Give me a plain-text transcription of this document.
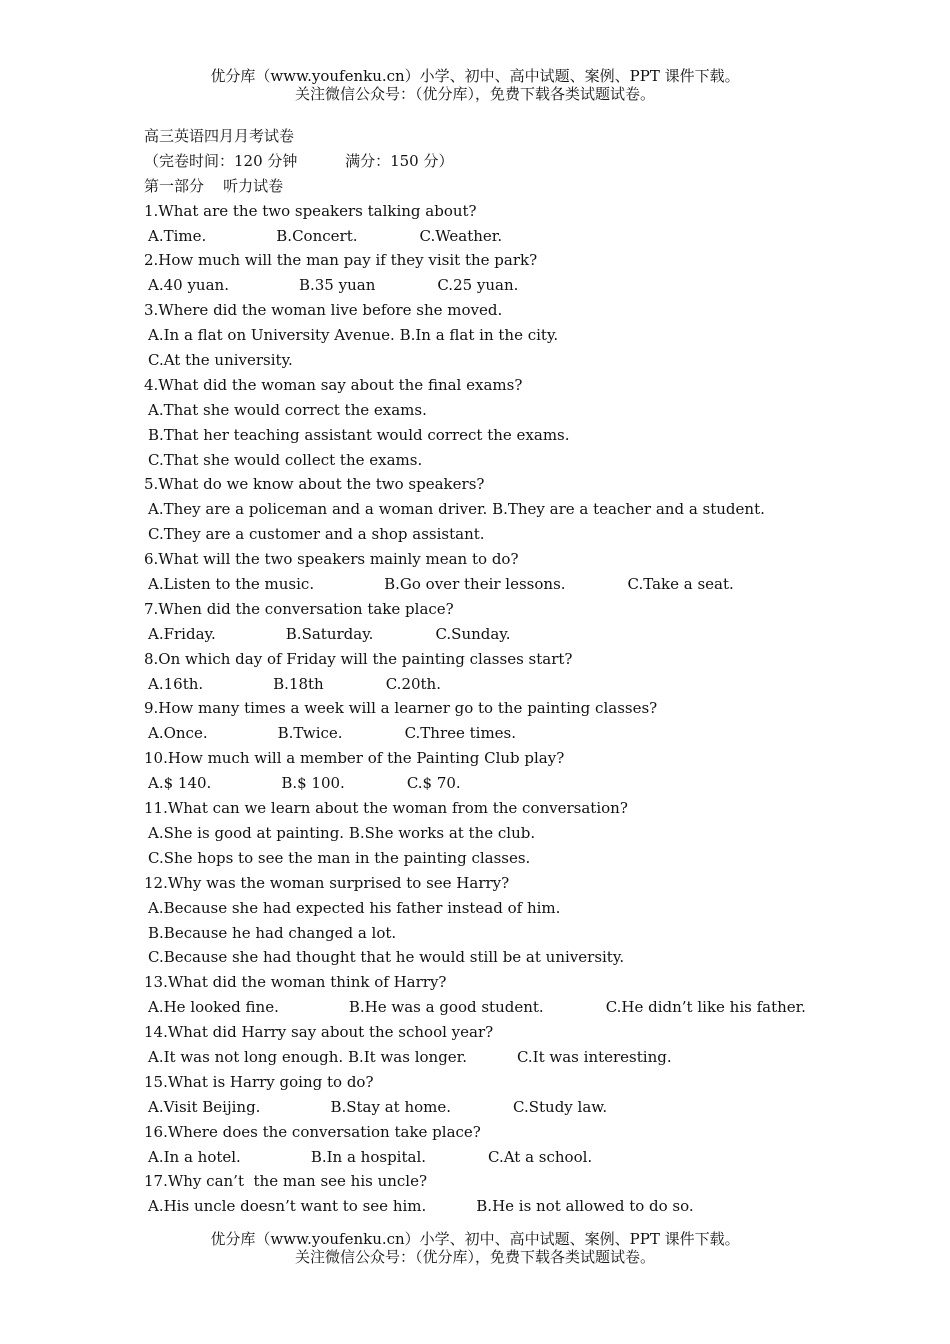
优分库（www.youfenku.cn）小学、初中、高中试题、案例、PPT 课件下载。
关注微信公众号：（优分库），免费下载各类试题试卷。
高三英语四月月考试卷
（完卷时间：120 分钟          满分：150 分）
第一部分    听力试卷
1.What are the two speakers talking about?
A.Time.	B.Concert.	C.Weather.
2.How much will the man pay if they visit the park?
A.40 yuan.	B.35 yuan	C.25 yuan.
3.Where did the woman live before she moved.
A.In a flat on University Avenue. B.In a flat in the city.
C.At the university.
4.What did the woman say about the final exams?
A.That she would correct the exams.
B.That her teaching assistant would correct the exams.
C.That she would collect the exams.
5.What do we know about the two speakers?
A.They are a policeman and a woman driver. B.They are a teacher and a student.
C.They are a customer and a shop assistant.
6.What will the two speakers mainly mean to do?
A.Listen to the music.	B.Go over their lessons.	C.Take a seat.
7.When did the conversation take place?
A.Friday.	B.Saturday.	C.Sunday.
8.On which day of Friday will the painting classes start?
A.16th.	B.18th	C.20th.
9.How many times a week will a learner go to the painting classes?
A.Once.	B.Twice.	C.Three times.
10.How much will a member of the Painting Club play?
A.$ 140.	B.$ 100.	C.$ 70.
11.What can we learn about the woman from the conversation?
A.She is good at painting. B.She works at the club.
C.She hops to see the man in the painting classes.
12.Why was the woman surprised to see Harry?
A.Because she had expected his father instead of him.
B.Because he had changed a lot.
C.Because she had thought that he would still be at university.
13.What did the woman think of Harry?
A.He looked fine.	B.He was a good student.	C.He didn’t like his father.
14.What did Harry say about the school year?
A.It was not long enough. B.It was longer.	C.It was interesting.
15.What is Harry going to do?
A.Visit Beijing.	B.Stay at home.	C.Study law.
16.Where does the conversation take place?
A.In a hotel.	B.In a hospital.	C.At a school.
17.Why can’t  the man see his uncle?
A.His uncle doesn’t want to see him.	B.He is not allowed to do so.
优分库（www.youfenku.cn）小学、初中、高中试题、案例、PPT 课件下载。
关注微信公众号：（优分库），免费下载各类试题试卷。
